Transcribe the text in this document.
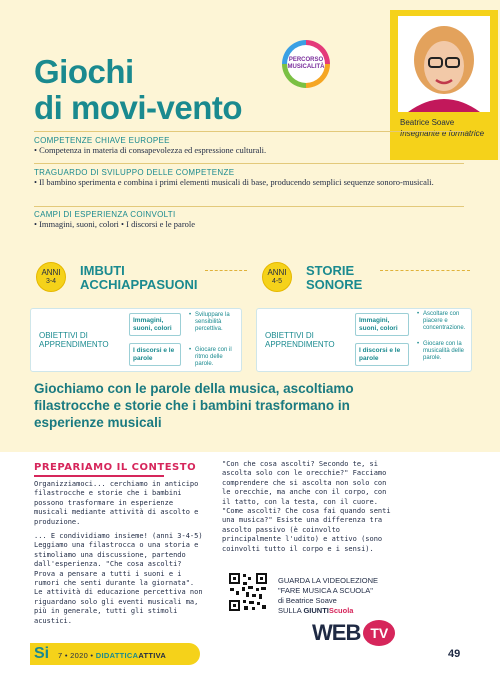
Giochi
di movi-vento
PERCORSO MUSICALITÀ
Beatrice Soave
Insegnante e formatrice
COMPETENZE CHIAVE EUROPEE
• Competenza in materia di consapevolezza ed espressione culturali.
TRAGUARDO DI SVILUPPO DELLE COMPETENZE
• Il bambino sperimenta e combina i primi elementi musicali di base, producendo semplici sequenze sonoro-musicali.
CAMPI DI ESPERIENZA COINVOLTI
• Immagini, suoni, colori • I discorsi e le parole
ANNI
3-4
IMBUTI
ACCHIAPPASUONI
OBIETTIVI DI APPRENDIMENTO
Immagini, suoni, colori
I discorsi e le parole
• Sviluppare la sensibilità percettiva.
• Giocare con il ritmo delle parole.
ANNI
4-5
STORIE
SONORE
OBIETTIVI DI APPRENDIMENTO
Immagini, suoni, colori
I discorsi e le parole
• Ascoltare con piacere e concentrazione.
• Giocare con la musicalità delle parole.
Giochiamo con le parole della musica, ascoltiamo filastrocche e storie che i bambini trasformano in esperienze musicali
PREPARIAMO IL CONTESTO

Organizziamoci... cerchiamo in anticipo filastrocche e storie che i bambini possono trasformare in esperienze musicali mediante attività di ascolto e produzione.

... E condividiamo insieme! (anni 3-4-5) Leggiamo una filastrocca o una storia e stimoliamo una discussione, partendo dall'esperienza. "Che cosa ascolti? Prova a pensare a tutti i suoni e i rumori che senti durante la giornata". Le attività di educazione percettiva non riguardano solo gli eventi musicali ma, più in generale, tutti gli stimoli acustici.

"Con che cosa ascolti? Secondo te, si ascolta solo con le orecchie?" Facciamo comprendere che si ascolta non solo con le orecchie, ma anche con il corpo, con il tatto, con la testa, con il cuore. "Come ascolti? Che cosa fai quando senti una musica?" Esiste una differenza tra ascolto passivo (è coinvolto principalmente l'udito) e attivo (sono coinvolti tutto il corpo e i sensi).

GUARDA LA VIDEOLEZIONE
"FARE MUSICA A SCUOLA"
di Beatrice Soave
SULLA GIUNTIScuola
WEB TV
Si 7 • 2020 • DIDATTICAATTIVA	49
